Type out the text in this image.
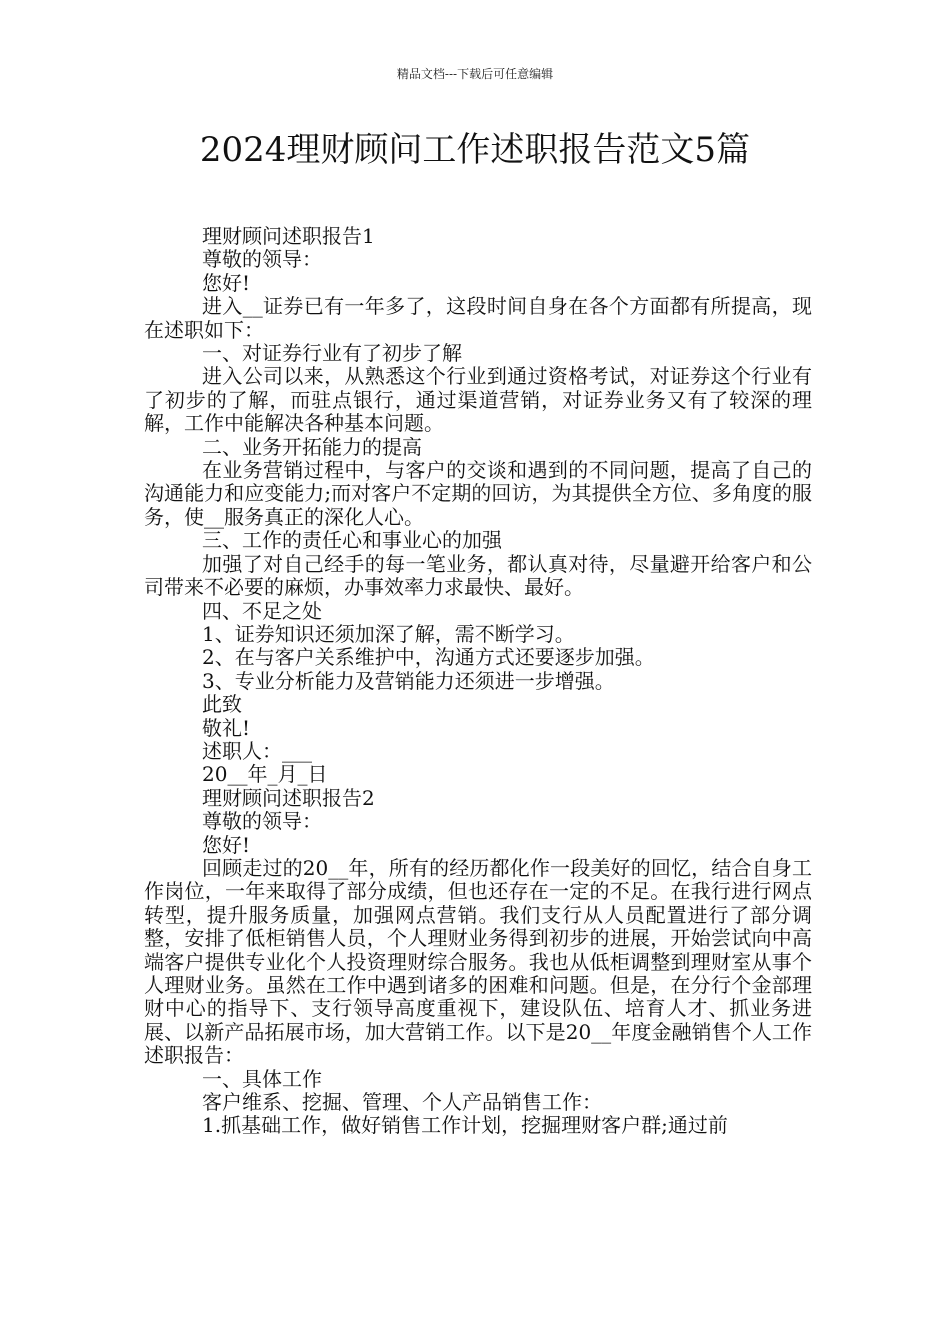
精品文档---下载后可任意编辑
2024理财顾问工作述职报告范文5篇

理财顾问述职报告1

尊敬的领导：

您好!

进入__证券已有一年多了，这段时间自身在各个方面都有所提高，现在述职如下：

一、对证券行业有了初步了解

进入公司以来，从熟悉这个行业到通过资格考试，对证券这个行业有了初步的了解，而驻点银行，通过渠道营销，对证券业务又有了较深的理解，工作中能解决各种基本问题。

二、业务开拓能力的提高

在业务营销过程中，与客户的交谈和遇到的不同问题，提高了自己的沟通能力和应变能力;而对客户不定期的回访，为其提供全方位、多角度的服务，使__服务真正的深化人心。

三、工作的责任心和事业心的加强

加强了对自己经手的每一笔业务，都认真对待，尽量避开给客户和公司带来不必要的麻烦，办事效率力求最快、最好。

四、不足之处

1、证券知识还须加深了解，需不断学习。

2、在与客户关系维护中，沟通方式还要逐步加强。

3、专业分析能力及营销能力还须进一步增强。

此致

敬礼!

述职人：___

20__年_月_日

理财顾问述职报告2

尊敬的领导：

您好!

回顾走过的20__年，所有的经历都化作一段美好的回忆，结合自身工作岗位，一年来取得了部分成绩，但也还存在一定的不足。在我行进行网点转型，提升服务质量，加强网点营销。我们支行从人员配置进行了部分调整，安排了低柜销售人员，个人理财业务得到初步的进展，开始尝试向中高端客户提供专业化个人投资理财综合服务。我也从低柜调整到理财室从事个人理财业务。虽然在工作中遇到诸多的困难和问题。但是，在分行个金部理财中心的指导下、支行领导高度重视下，建设队伍、培育人才、抓业务进展、以新产品拓展市场，加大营销工作。以下是20__年度金融销售个人工作述职报告：

一、具体工作

客户维系、挖掘、管理、个人产品销售工作：

1.抓基础工作，做好销售工作计划，挖掘理财客户群;通过前
